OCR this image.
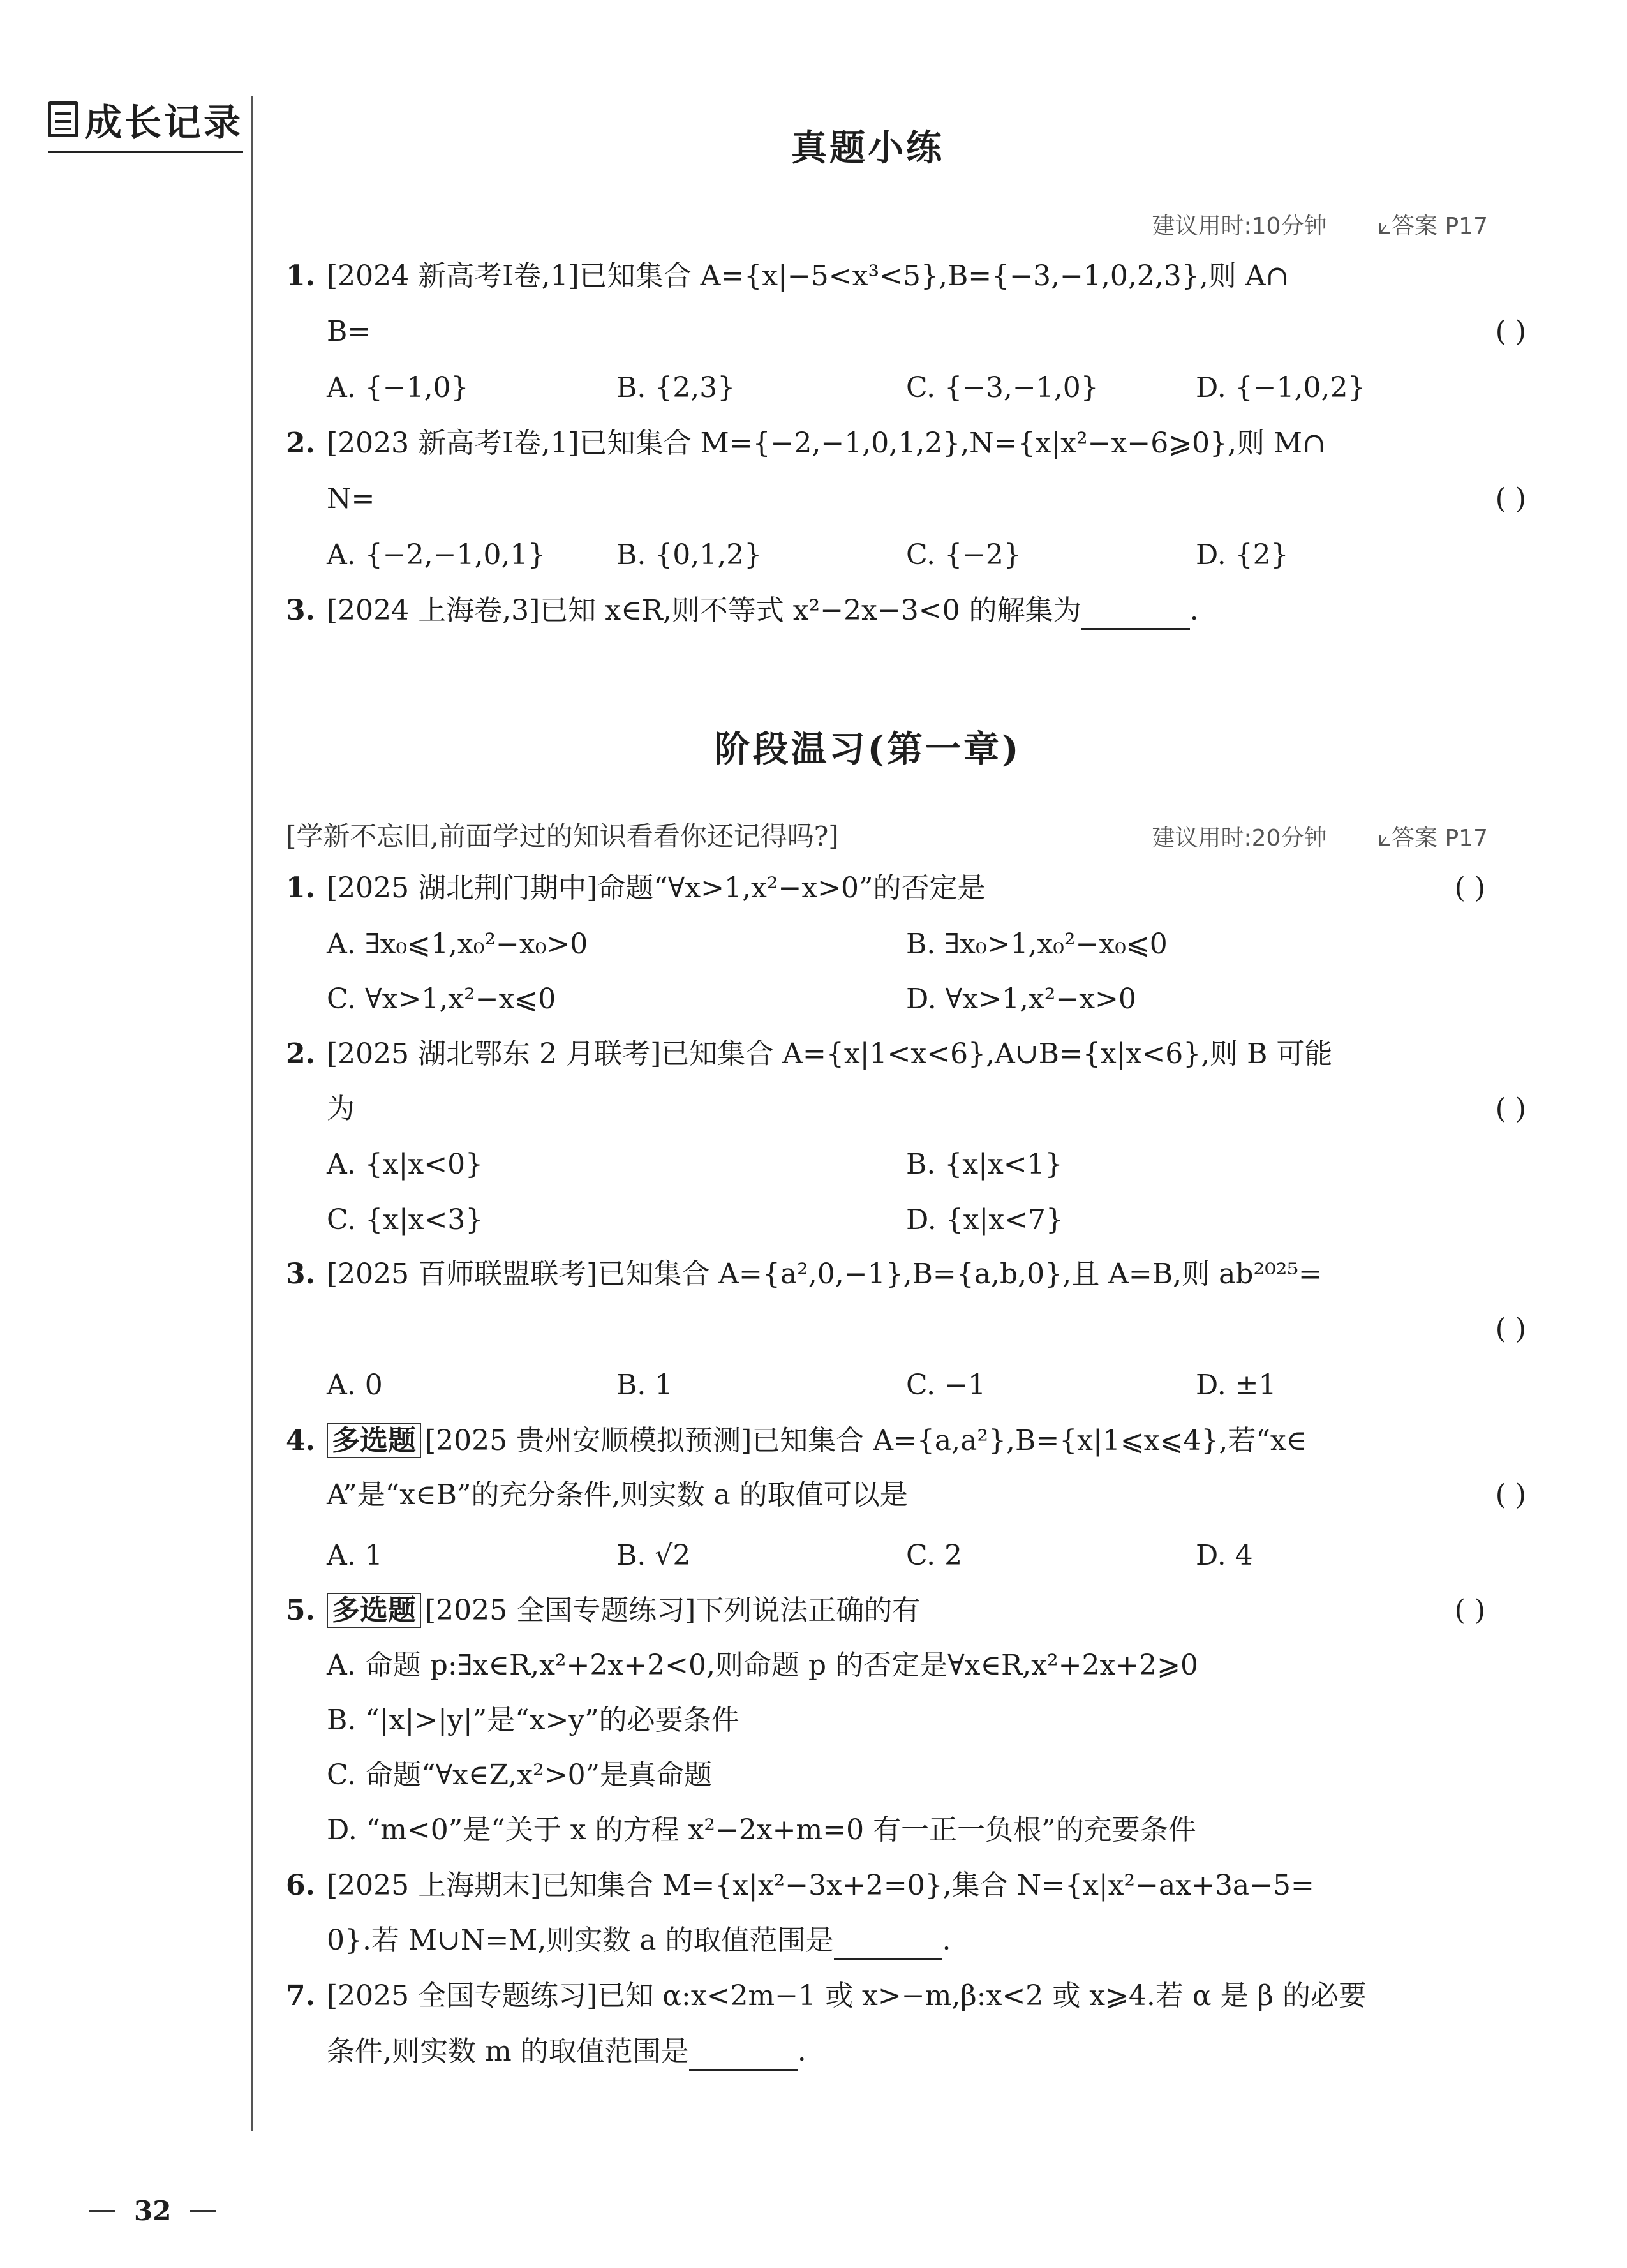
成长记录
真题小练
建议用时:10分钟 ⟀答案 P17
1. [2024 新高考Ⅰ卷,1]已知集合 A={x|−5<x³<5},B={−3,−1,0,2,3},则 A∩
B=	( )
A. {−1,0}	B. {2,3}	C. {−3,−1,0}	D. {−1,0,2}
2. [2023 新高考Ⅰ卷,1]已知集合 M={−2,−1,0,1,2},N={x|x²−x−6⩾0},则 M∩
N=	( )
A. {−2,−1,0,1}	B. {0,1,2}	C. {−2}	D. {2}
3. [2024 上海卷,3]已知 x∈R,则不等式 x²−2x−3<0 的解集为	.
阶段温习(第一章)
[学新不忘旧,前面学过的知识看看你还记得吗?]	建议用时:20分钟 ⟀答案 P17
1. [2025 湖北荆门期中]命题“∀x>1,x²−x>0”的否定是	( )
A. ∃x₀⩽1,x₀²−x₀>0	B. ∃x₀>1,x₀²−x₀⩽0
C. ∀x>1,x²−x⩽0	D. ∀x>1,x²−x>0
2. [2025 湖北鄂东 2 月联考]已知集合 A={x|1<x<6},A∪B={x|x<6},则 B 可能
为	( )
A. {x|x<0}	B. {x|x<1}
C. {x|x<3}	D. {x|x<7}
3. [2025 百师联盟联考]已知集合 A={a²,0,−1},B={a,b,0},且 A=B,则 ab²⁰²⁵=
( )
A. 0	B. 1	C. −1	D. ±1
4. 多选题 [2025 贵州安顺模拟预测]已知集合 A={a,a²},B={x|1⩽x⩽4},若“x∈
A”是“x∈B”的充分条件,则实数 a 的取值可以是	( )
A. 1	B. √2	C. 2	D. 4
5. 多选题 [2025 全国专题练习]下列说法正确的有	( )
A. 命题 p:∃x∈R,x²+2x+2<0,则命题 p 的否定是∀x∈R,x²+2x+2⩾0
B. “|x|>|y|”是“x>y”的必要条件
C. 命题“∀x∈Z,x²>0”是真命题
D. “m<0”是“关于 x 的方程 x²−2x+m=0 有一正一负根”的充要条件
6. [2025 上海期末]已知集合 M={x|x²−3x+2=0},集合 N={x|x²−ax+3a−5=
0}.若 M∪N=M,则实数 a 的取值范围是	.
7. [2025 全国专题练习]已知 α:x<2m−1 或 x>−m,β:x<2 或 x⩾4.若 α 是 β 的必要
条件,则实数 m 的取值范围是	.
32
